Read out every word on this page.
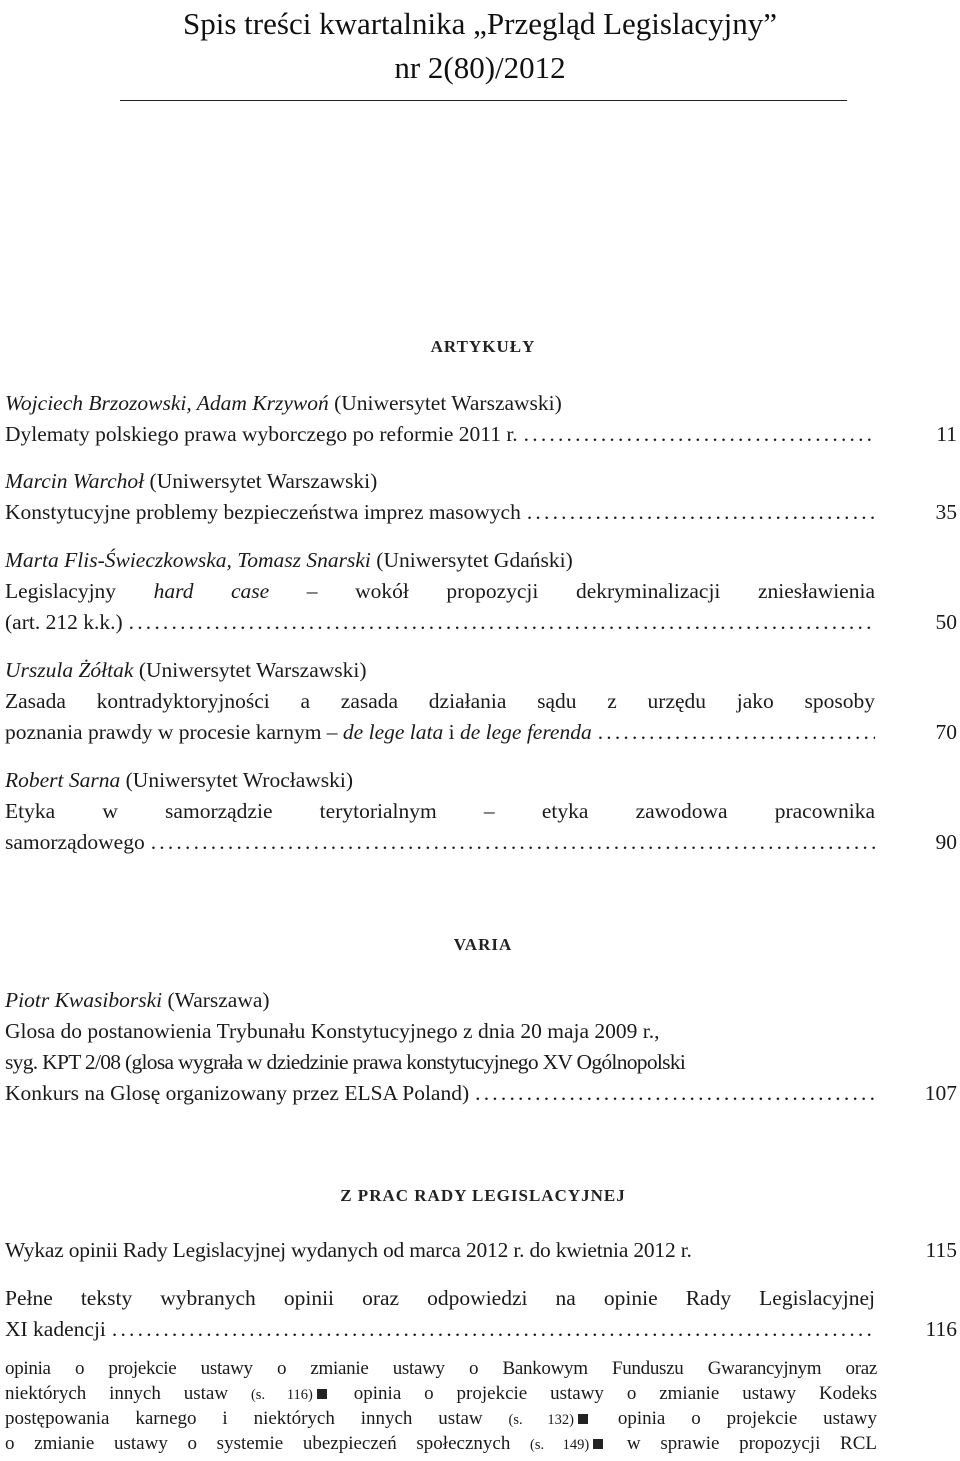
Spis treści kwartalnika „Przegląd Legislacyjny”
nr 2(80)/2012
ARTYKUŁY
Wojciech Brzozowski, Adam Krzywoń (Uniwersytet Warszawski)
Dylematy polskiego prawa wyborczego po reformie 2011 r. .....	11
Marcin Warchoł (Uniwersytet Warszawski)
Konstytucyjne problemy bezpieczeństwa imprez masowych .....	35
Marta Flis-Świeczkowska, Tomasz Snarski (Uniwersytet Gdański)
Legislacyjny hard case – wokół propozycji dekryminalizacji zniesławienia
(art. 212 k.k.) .....	50
Urszula Żółtak (Uniwersytet Warszawski)
Zasada kontradyktoryjności a zasada działania sądu z urzędu jako sposoby
poznania prawdy w procesie karnym – de lege lata i de lege ferenda .....	70
Robert Sarna (Uniwersytet Wrocławski)
Etyka w samorządzie terytorialnym – etyka zawodowa pracownika
samorządowego .....	90
VARIA
Piotr Kwasiborski (Warszawa)
Glosa do postanowienia Trybunału Konstytucyjnego z dnia 20 maja 2009 r.,
syg. KPT 2/08 (glosa wygrała w dziedzinie prawa konstytucyjnego XV Ogólnopolski
Konkurs na Glosę organizowany przez ELSA Poland) .....	107
Z PRAC RADY LEGISLACYJNEJ
Wykaz opinii Rady Legislacyjnej wydanych od marca 2012 r. do kwietnia 2012 r.	115
Pełne teksty wybranych opinii oraz odpowiedzi na opinie Rady Legislacyjnej
XI kadencji .....	116
opinia o projekcie ustawy o zmianie ustawy o Bankowym Funduszu Gwarancyjnym oraz
niektórych innych ustaw (s. 116) opinia o projekcie ustawy o zmianie ustawy Kodeks
postępowania karnego i niektórych innych ustaw (s. 132) opinia o projekcie ustawy
o zmianie ustawy o systemie ubezpieczeń społecznych (s. 149) w sprawie propozycji RCL
